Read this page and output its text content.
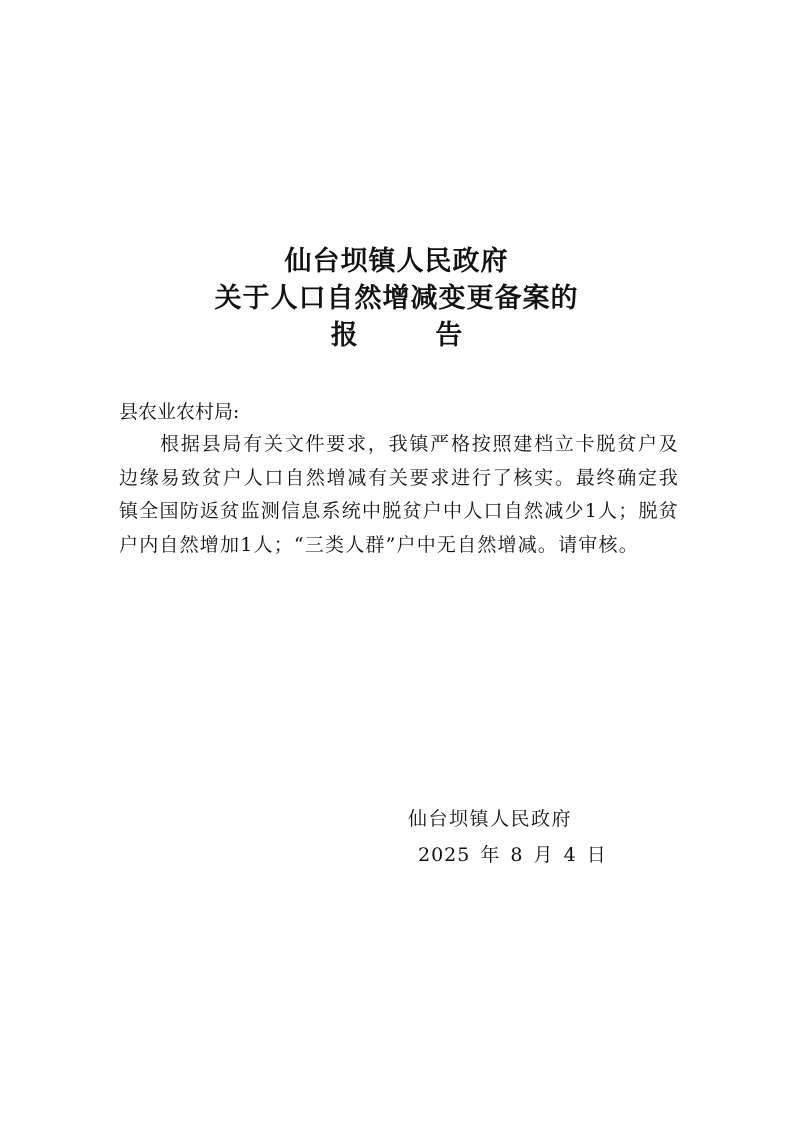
仙台坝镇人民政府
关于人口自然增减变更备案的
报 告
县农业农村局:

根据县局有关文件要求，我镇严格按照建档立卡脱贫户及边缘易致贫户人口自然增减有关要求进行了核实。最终确定我镇全国防返贫监测信息系统中脱贫户中人口自然减少1人；脱贫户内自然增加1人；“三类人群”户中无自然增减。请审核。

仙台坝镇人民政府
2025 年 8 月 4 日
